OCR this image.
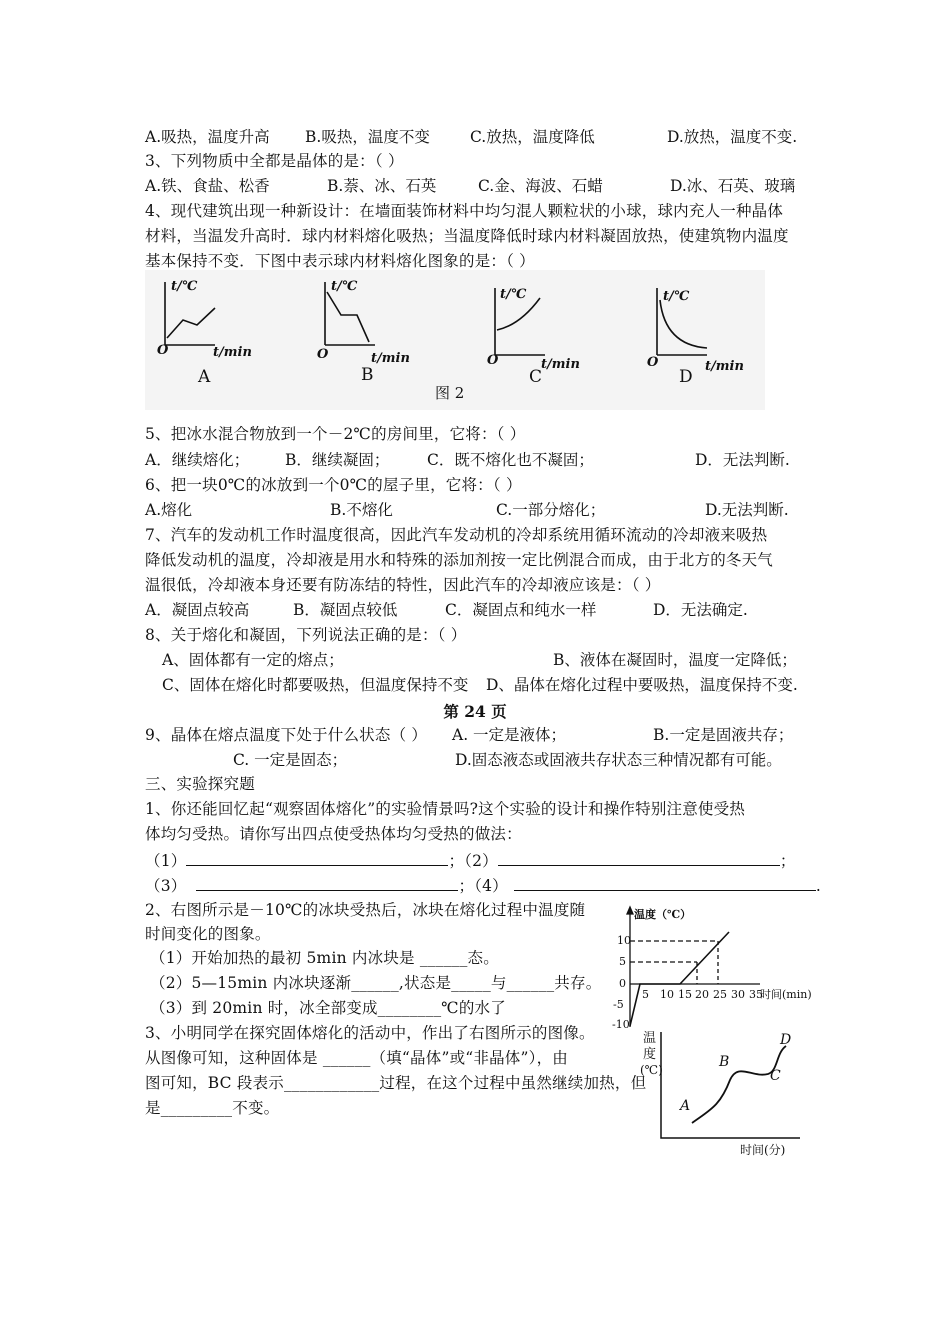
A.吸热，温度升高 B.吸热，温度不变	C.放热，温度降低	D.放热，温度不变.
3、下列物质中全都是晶体的是：（ ）
A.铁、食盐、松香	B.萘、冰、石英	C.金、海波、石蜡	D.冰、石英、玻璃
4、现代建筑出现一种新设计：在墙面装饰材料中均匀混人颗粒状的小球，球内充人一种晶体
材料，当温发升高时．球内材料熔化吸热；当温度降低时球内材料凝固放热，使建筑物内温度
基本保持不变．下图中表示球内材料熔化图象的是：（ ）
t/℃
t/min
O
t/℃
t/min
O
t/℃
t/min
O
t/℃
t/min
O
A	B	C	D
图 2
5、把冰水混合物放到一个－2℃的房间里，它将：（ ）
A．继续熔化； B．继续凝固； C．既不熔化也不凝固；	D．无法判断.
6、把一块0℃的冰放到一个0℃的屋子里，它将：（ ）
A.熔化	B.不熔化	C.一部分熔化；	D.无法判断.
7、汽车的发动机工作时温度很高，因此汽车发动机的冷却系统用循环流动的冷却液来吸热
降低发动机的温度，冷却液是用水和特殊的添加剂按一定比例混合而成，由于北方的冬天气
温很低，冷却液本身还要有防冻结的特性，因此汽车的冷却液应该是：（ ）
A．凝固点较高	B．凝固点较低	C．凝固点和纯水一样	D．无法确定.
8、关于熔化和凝固，下列说法正确的是：（ ）
A、固体都有一定的熔点；	B、液体在凝固时，温度一定降低；
C、固体在熔化时都要吸热，但温度保持不变 D、晶体在熔化过程中要吸热，温度保持不变.
第 24 页
9、晶体在熔点温度下处于什么状态（ ） A. 一定是液体；	B.一定是固液共存；
C. 一定是固态；	D.固态液态或固液共存状态三种情况都有可能。
三、实验探究题
1、你还能回忆起“观察固体熔化”的实验情景吗?这个实验的设计和操作特别注意使受热
体均匀受热。请你写出四点使受热体均匀受热的做法：
（1）	；（2）	；
（3）	；（4）	.
2、右图所示是－10℃的冰块受热后，冰块在熔化过程中温度随
时间变化的图象。
（1）开始加热的最初 5min 内冰块是 ______态。
（2）5—15min 内冰块逐渐______,状态是_____与______共存。
（3）到 20min 时，冰全部变成________℃的水了
温度（℃）
10
5
0
-5
-10
5 10 15 20 25 30 35
时间(min)
3、小明同学在探究固体熔化的活动中，作出了右图所示的图像。
从图像可知，这种固体是 ______（填“晶体”或“非晶体”），由
图可知，BC 段表示____________过程，在这个过程中虽然继续加热，但
是_________不变。
温
度
(℃)
时间(分)
A
B
C
D
